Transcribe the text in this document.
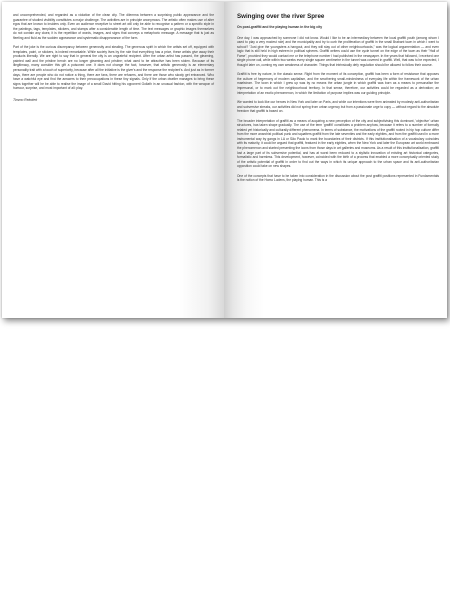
and uncomprehended, and regarded as a violation of the clean city. The dilemma between a surprising public appearance and the guarantee of studied visibility constitutes a major challenge. The activities are in principle anonymous. The artistic often makes use of alter egos that are known to insiders only. Even an audience receptive to street art will only be able to recognise a pattern or a specific style in the paintings, tags, templates, stickers, and stamps after a considerable length of time. The text messages or graphic images themselves do not contain any clues; it is the repetition of words, images, and signs that conveys a metaphoric message. A message that is just as fleeting and fluid as the sudden appearance and systematic disappearance of the form.

Part of the joke is the curious discrepancy between generosity and stealing. The generous spirit in which the artists set off, equipped with templates, paint, or stickers, is indeed remarkable. While society lives by the rule that everything has a price, these artists give away their products liberally. We are right to say that in general the city is an ungrateful recipient. After the urban artist has passed, the gleaming, painted wall and the pristine bench are no longer gleaming and pristine; what used to be attractive has been stolen. Because of its illegitimacy, many consider this gift a poisoned one. It does not change the fact, however, that artistic generosity is an elementary personality trait with a touch of superiority, because after all the initiative is the giver's and the response the recipient's. And just as in former days, there are people who do not notice a thing, there are fans, there are refusers, and there are those who slowly get entranced. Who have a watchful eye and find the answers to their preoccupations in these tiny signals. Only if the urban dweller manages to bring these signs together will he be able to realise the image of a small David hitting his opponent Goliath in an unusual fashion, with the weapon of humour, surprise, and most important of all: play.

Timmo Reindert

Swinging over the river Spree

On post-graffiti and the playing human in the big city

One day, I was approached by someone I did not know. Would I like to be an intermediary between the local graffiti youth (among whom I used to play a very modest role) and the municipality and try to curb the proliferation of graffiti in the small Brabant town in which I went to school? "Just give the youngsters a hangout, and they will stay out of other neighbourhoods," was the logical argumentation — and even logic that is still held in high esteem in political spheres. Graffiti writers could use the cycle tunnel on the edge of the town as their "Hall of Fame", provided they would contact me or the telephone number I had published in the newspaper. In the years that followed, I received one single phone call, while within two weeks every single square centimetre in the tunnel was covered in graffiti. Well, that was to be expected, I thought later on, coming my own weakness of character. Things that intrinsically defy regulation should be allowed to follow their course.

Graffiti is free by nature, in the classic sense. Right from the moment of its conception, graffiti has been a form of resistance that opposes the culture of hegemony of modern capitalism, and the smothering small-mindedness of everyday life within the framework of the urban maelstrom. The town in which I grew up was by no means the urban jungle in which graffiti was born as a means to personalise the impersonal, or to mark out the neighbourhood territory. In that sense, therefore, our activities could be regarded as a derivation; an interpretation of an exotic phenomenon, in which the limitation of purpose implies was our guiding principle.

We wanted to look like our heroes in New York and later on Paris, and while our intentions were then animated by modesty anti-authoritarian and subversive streaks, our activities did not spring from urban urgency but from a passionate urge to copy — without regard to the absolute freedom that graffiti is based on.

The broader interpretation of graffiti as a means of acquiring a new perception of the city and subjectivising this dominant, 'objective' urban structures, has taken shape gradually. The use of the term 'graffiti' constitutes a problem anyhow, because it refers to a number of formally related yet historically and culturally different phenomena. In terms of substance, the motivations of the graffiti rooted in hip hop culture differ from the more anarchist political punk and squatters graffiti from the late seventies and the early eighties, and from the graffiti used in a more instrumental way by gangs in LA or São Paulo to mark the boundaries of their districts. If this institutionalisation of a vocabulary coincides with its maturity, it could be argued that graffiti, featured in the early eighties, when the New York and later the European art world embraced the phenomenon and started presenting the icons from those days in art galleries and museums. As a result of this institutionalisation, graffiti lost a large part of its subversive potential, and has at worst been reduced to a stylistic innovation of existing art historical categories, formalistic and harmless. This development, however, coincided with the birth of a process that enabled a more conceptually oriented study of the artistic potential of graffiti in order to find out the ways in which its unique approach to the urban space and its anti-authoritarian opposition could take on new shapes.

One of the concepts that have to be taken into consideration in the discussion about the post graffiti positions represented in Fundamentals is the notion of the Homo Ludens, the playing human. This is a
